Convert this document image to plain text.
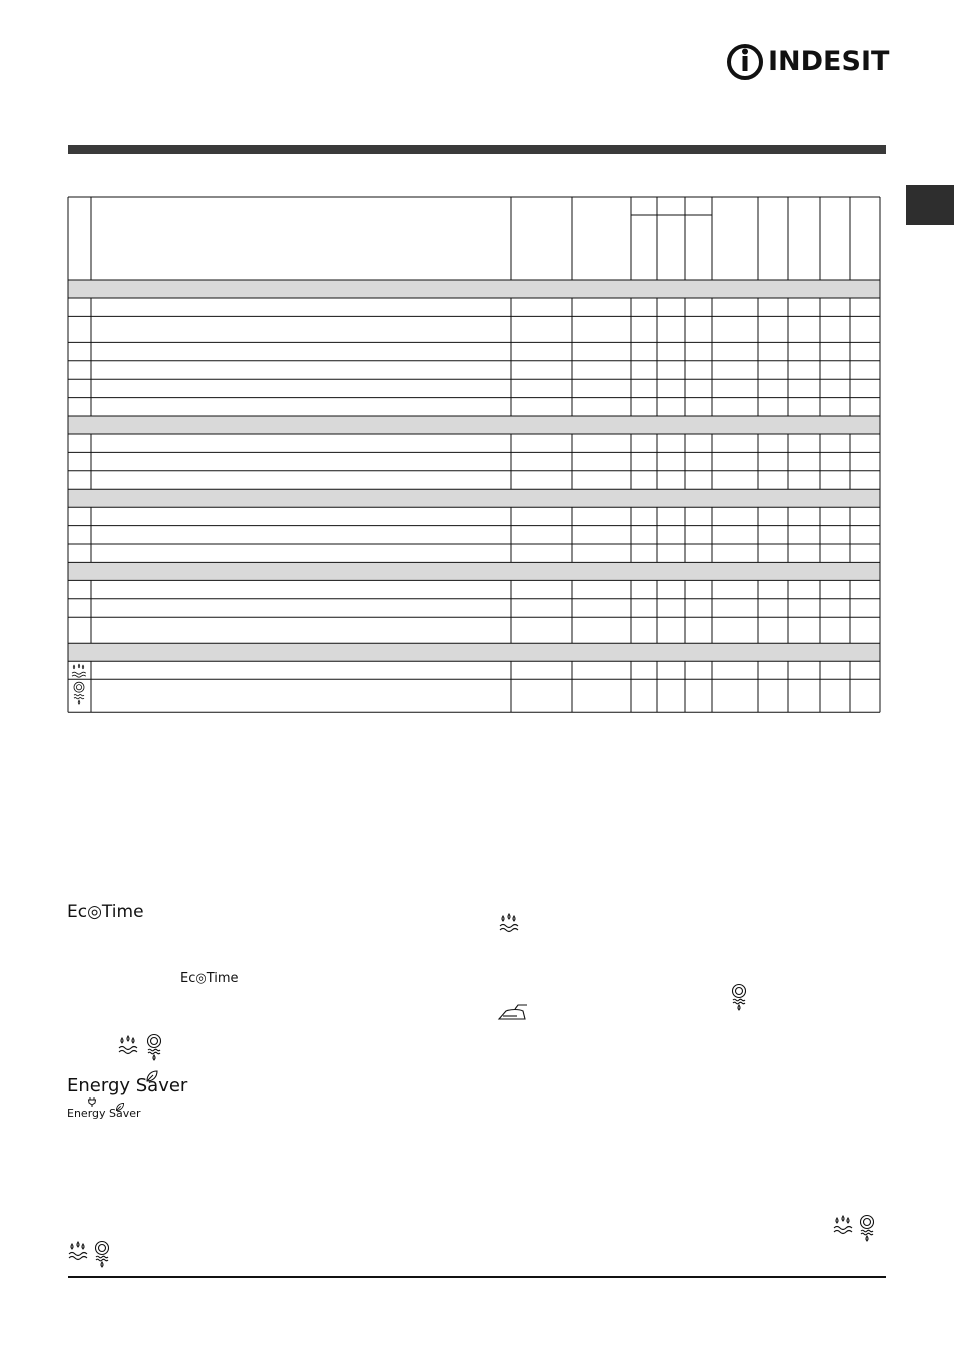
INDESIT
Ec◎Time
Ec◎Time
Energy Saver
Energy Saver
